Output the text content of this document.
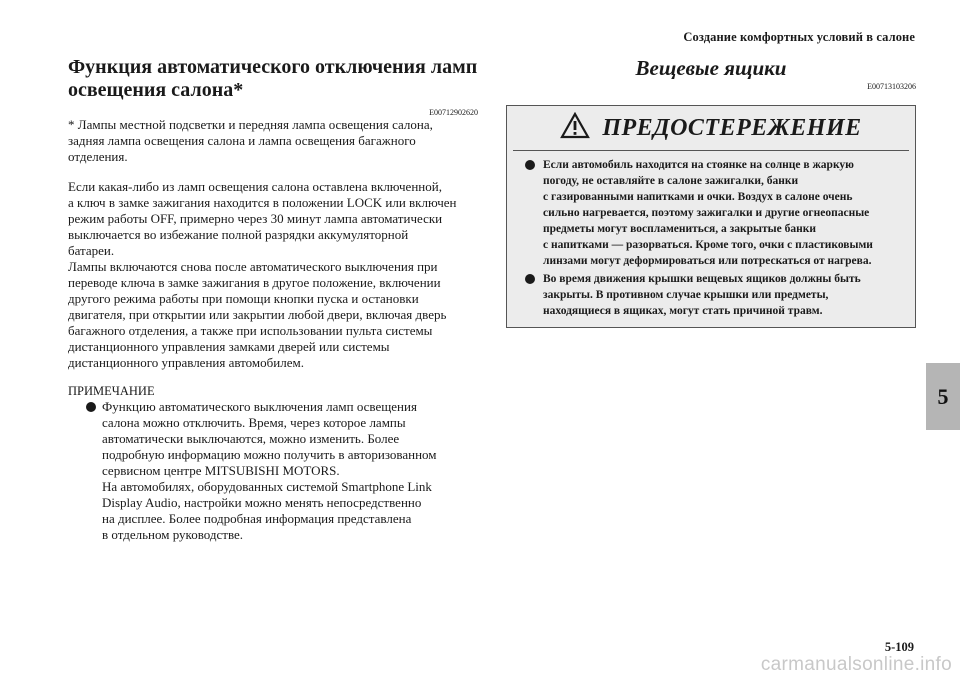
Создание комфортных условий в салоне
5
Функция автоматического отключения ламп
освещения салона*
E00712902620

* Лампы местной подсветки и передняя лампа освещения салона,

задняя лампа освещения салона и лампа освещения багажного

отделения.

Если какая-либо из ламп освещения салона оставлена включенной,

а ключ в замке зажигания находится в положении LOCK или включен

режим работы OFF, примерно через 30 минут лампа автоматически

выключается во избежание полной разрядки аккумуляторной

батареи.

Лампы включаются снова после автоматического выключения при

переводе ключа в замке зажигания в другое положение, включении

другого режима работы при помощи кнопки пуска и остановки

двигателя, при открытии или закрытии любой двери, включая дверь

багажного отделения, а также при использовании пульта системы

дистанционного управления замками дверей или системы

дистанционного управления автомобилем.

ПРИМЕЧАНИЕ

Функцию автоматического выключения ламп освещения

салона можно отключить. Время, через которое лампы

автоматически выключаются, можно изменить. Более

подробную информацию можно получить в авторизованном

сервисном центре MITSUBISHI MOTORS.

На автомобилях, оборудованных системой Smartphone Link

Display Audio, настройки можно менять непосредственно

на дисплее. Более подробная информация представлена

в отдельном руководстве.

Вещевые ящики
E00713103206
ПРЕДОСТЕРЕЖЕНИЕ

Если автомобиль находится на стоянке на солнце в жаркую

погоду, не оставляйте в салоне зажигалки, банки

с газированными напитками и очки. Воздух в салоне очень

сильно нагревается, поэтому зажигалки и другие огнеопасные

предметы могут воспламениться, а закрытые банки

с напитками — разорваться. Кроме того, очки с пластиковыми

линзами могут деформироваться или потрескаться от нагрева.

Во время движения крышки вещевых ящиков должны быть

закрыты. В противном случае крышки или предметы,

находящиеся в ящиках, могут стать причиной травм.

5-109
carmanualsonline.info
